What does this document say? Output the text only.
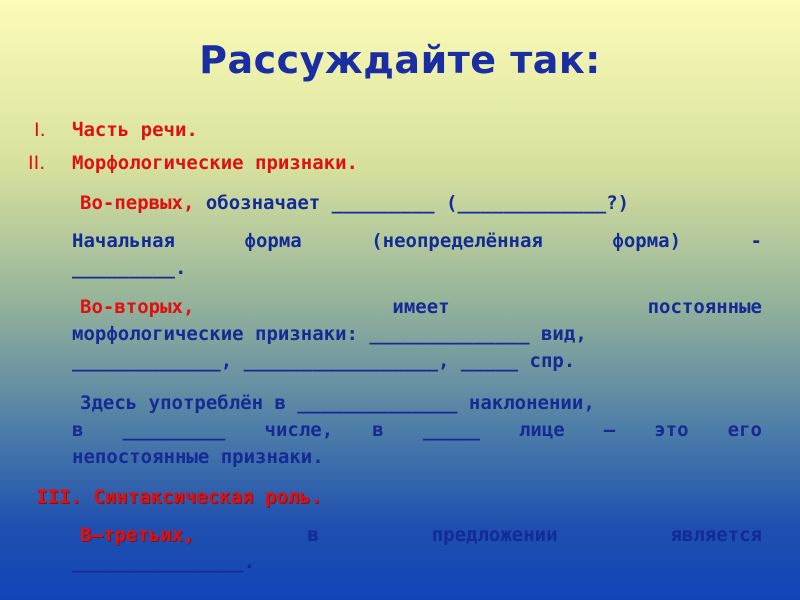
Рассуждайте так:
I. Часть речи.
II. Морфологические признаки.
Во-первых, обозначает _________ (_____________?)
Начальная форма (неопределённая форма) -
_________.
Во-вторых,	имеет	постоянные
морфологические признаки: ______________ вид,
_____________, _________________, _____ спр.
Здесь употреблён в ______________ наклонении,
в _________ числе, в _____ лице – это его
непостоянные признаки.
III. Синтаксическая роль.
В–третьих,	в	предложении	является
_______________.
